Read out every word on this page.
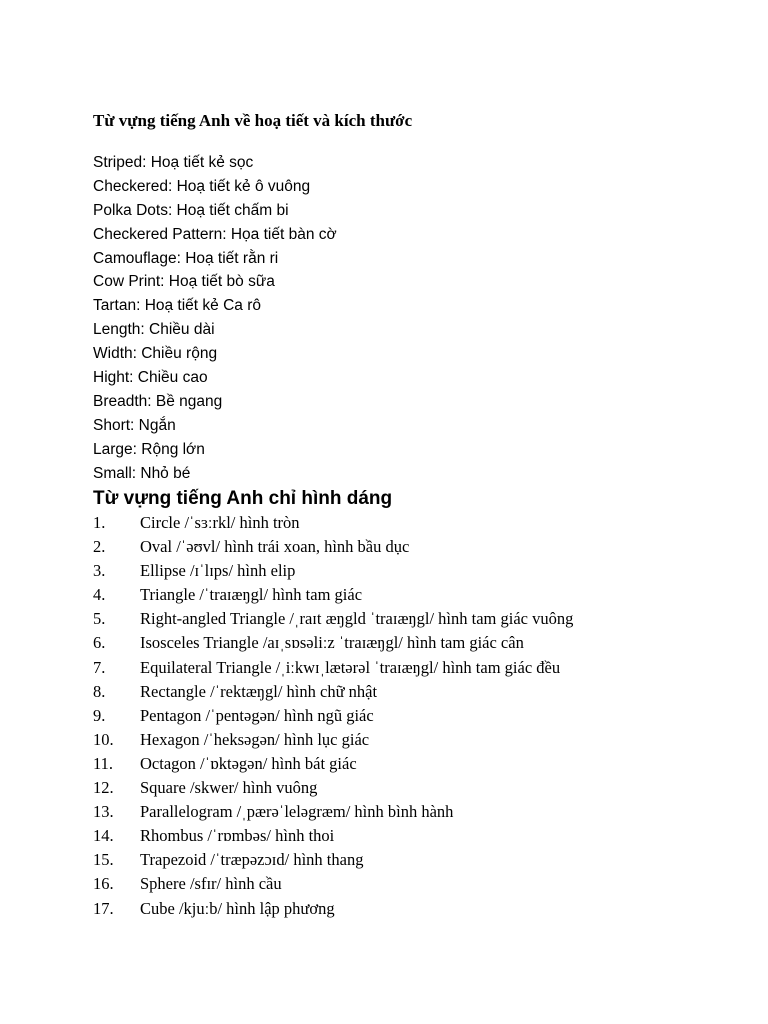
Từ vựng tiếng Anh về hoạ tiết và kích thước
Striped: Hoạ tiết kẻ sọc
Checkered: Hoạ tiết kẻ ô vuông
Polka Dots: Hoạ tiết chấm bi
Checkered Pattern: Họa tiết bàn cờ
Camouflage: Hoạ tiết rằn ri
Cow Print: Hoạ tiết bò sữa
Tartan: Hoạ tiết kẻ Ca rô
Length: Chiều dài
Width: Chiều rộng
Hight: Chiều cao
Breadth: Bề ngang
Short: Ngắn
Large: Rộng lớn
Small: Nhỏ bé
Từ vựng tiếng Anh chỉ hình dáng
1. Circle /ˈsɜːrkl/ hình tròn
2. Oval /ˈəʊvl/ hình trái xoan, hình bầu dục
3. Ellipse /ɪˈlɪps/ hình elip
4. Triangle /ˈtraɪæŋgl/ hình tam giác
5. Right-angled Triangle /ˌraɪt æŋgld ˈtraɪæŋgl/ hình tam giác vuông
6. Isosceles Triangle /aɪˌsɒsəliːz ˈtraɪæŋgl/ hình tam giác cân
7. Equilateral Triangle /ˌiːkwɪˌlætərəl ˈtraɪæŋgl/ hình tam giác đều
8. Rectangle /ˈrektæŋgl/ hình chữ nhật
9. Pentagon /ˈpentəgən/ hình ngũ giác
10. Hexagon /ˈheksəgən/ hình lục giác
11. Octagon /ˈɒktəgən/ hình bát giác
12. Square /skwer/ hình vuông
13. Parallelogram /ˌpærəˈleləgræm/ hình bình hành
14. Rhombus /ˈrɒmbəs/ hình thoi
15. Trapezoid /ˈtræpəzɔɪd/ hình thang
16. Sphere /sfɪr/ hình cầu
17. Cube /kjuːb/ hình lập phương
